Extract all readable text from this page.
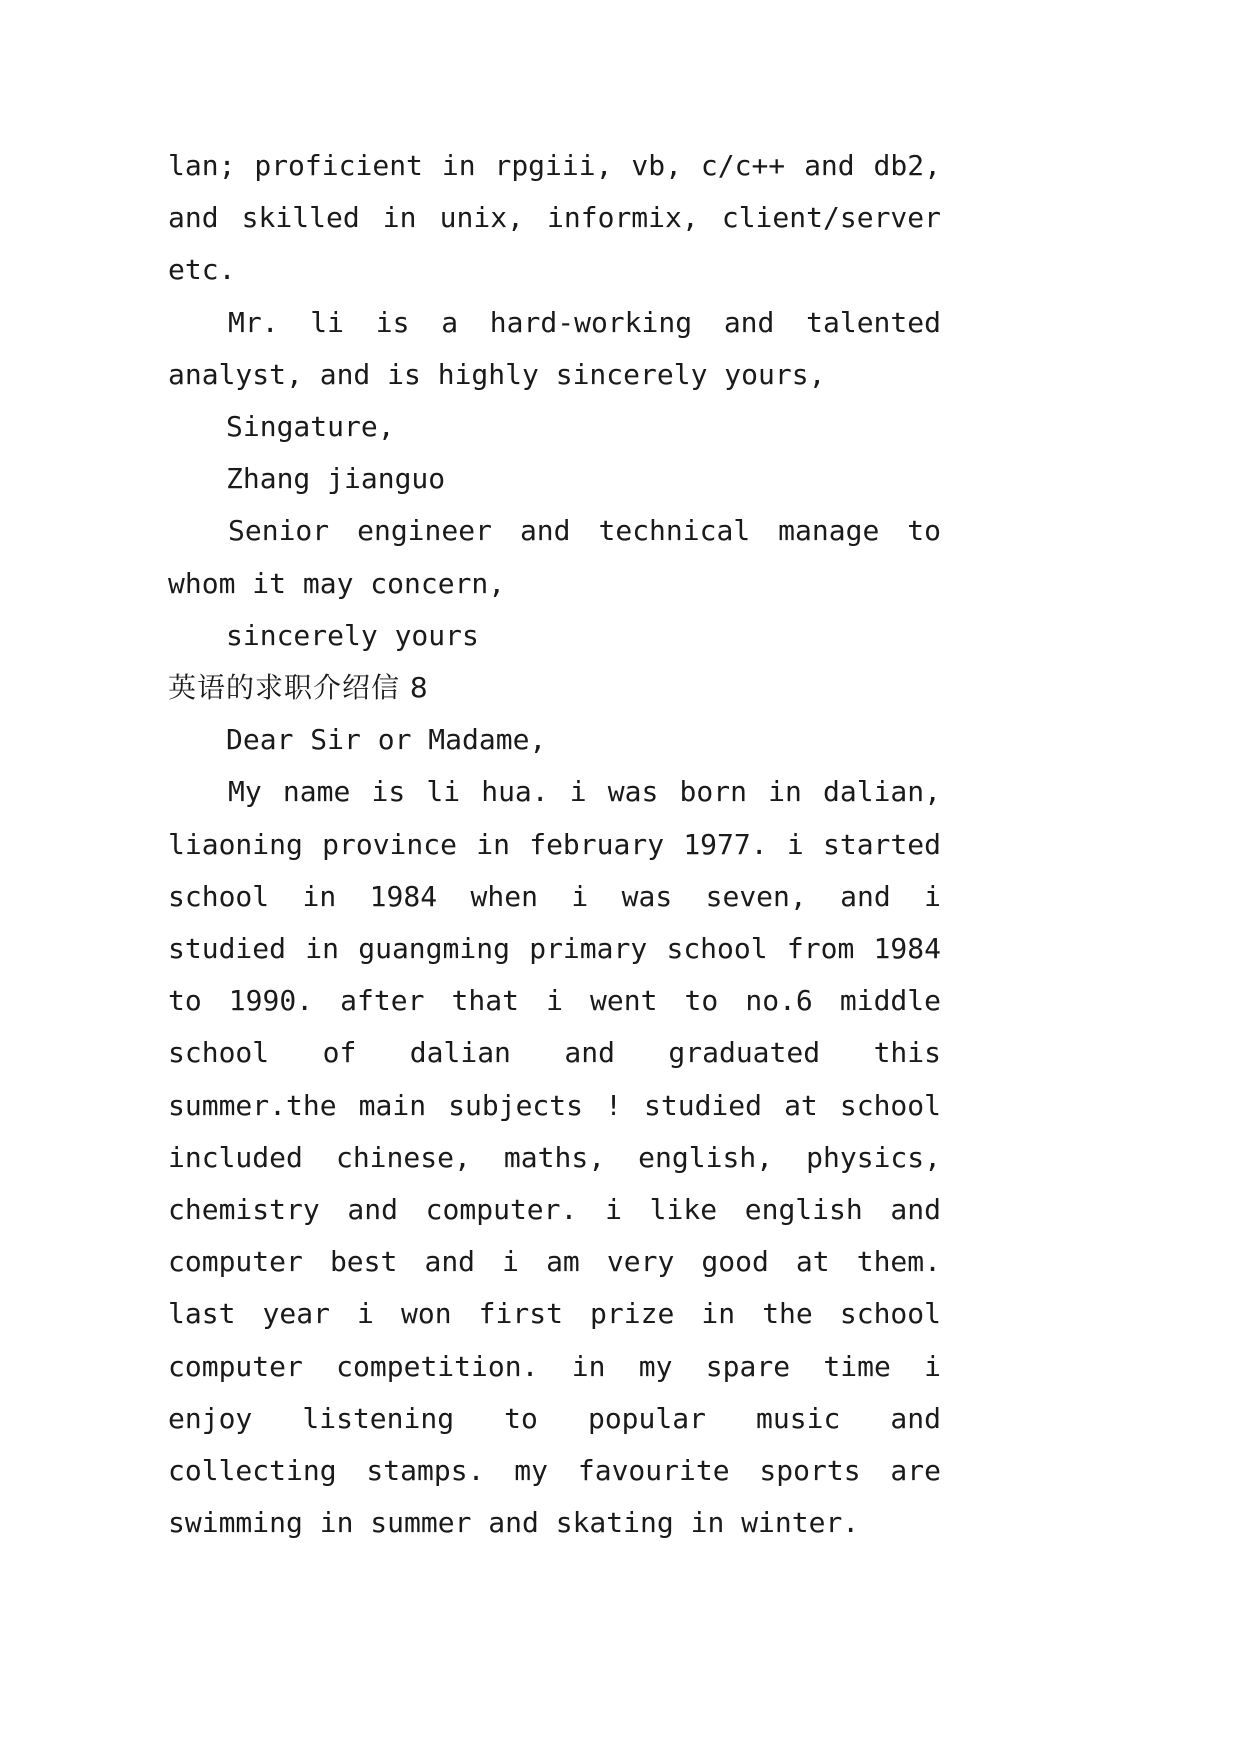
lan; proficient in rpgiii, vb, c/c++ and db2, and skilled in unix, informix, client/server etc.

Mr. li is a hard-working and talented analyst, and is highly sincerely yours,

Singature,

Zhang jianguo

Senior engineer and technical manage to whom it may concern,

sincerely yours

英语的求职介绍信 8

Dear Sir or Madame,

My name is li hua. i was born in dalian, liaoning province in february 1977. i started school in 1984 when i was seven, and i studied in guangming primary school from 1984 to 1990. after that i went to no.6 middle school of dalian and graduated this summer.the main subjects ! studied at school included chinese, maths, english, physics, chemistry and computer. i like english and computer best and i am very good at them. last year i won first prize in the school computer competition. in my spare time i enjoy listening to popular music and collecting stamps. my favourite sports are swimming in summer and skating in winter.
